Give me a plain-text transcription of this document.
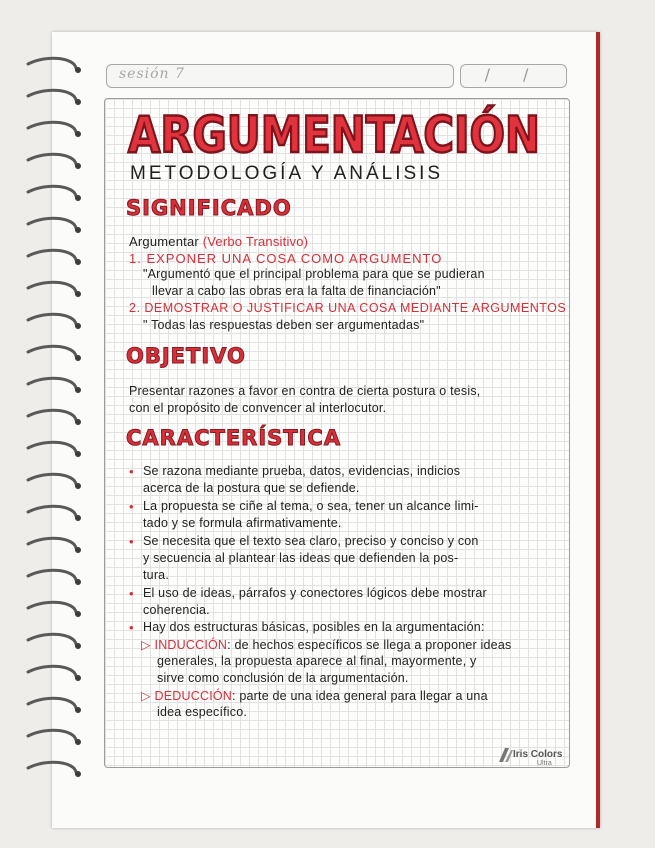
sesión 7	/ /
ARGUMENTACIÓN
METODOLOGÍA Y ANÁLISIS
SIGNIFICADO
Argumentar (Verbo Transitivo)
1. EXPONER UNA COSA COMO ARGUMENTO
"Argumentó que el principal problema para que se pudieran
llevar a cabo las obras era la falta de financiación"
2. DEMOSTRAR O JUSTIFICAR UNA COSA MEDIANTE ARGUMENTOS
" Todas las respuestas deben ser argumentadas"
OBJETIVO
Presentar razones a favor en contra de cierta postura o tesis,
con el propósito de convencer al interlocutor.
CARACTERÍSTICA
• Se razona mediante prueba, datos, evidencias, indicios
acerca de la postura que se defiende.
• La propuesta se ciñe al tema, o sea, tener un alcance limi-
tado y se formula afirmativamente.
• Se necesita que el texto sea claro, preciso y conciso y con
y secuencia al plantear las ideas que defienden la pos-
tura.
• El uso de ideas, párrafos y conectores lógicos debe mostrar
coherencia.
• Hay dos estructuras básicas, posibles en la argumentación:
▷ INDUCCIÓN: de hechos específicos se llega a proponer ideas
generales, la propuesta aparece al final, mayormente, y
sirve como conclusión de la argumentación.
▷ DEDUCCIÓN: parte de una idea general para llegar a una
idea específico.
Iris Colors
Ultra
